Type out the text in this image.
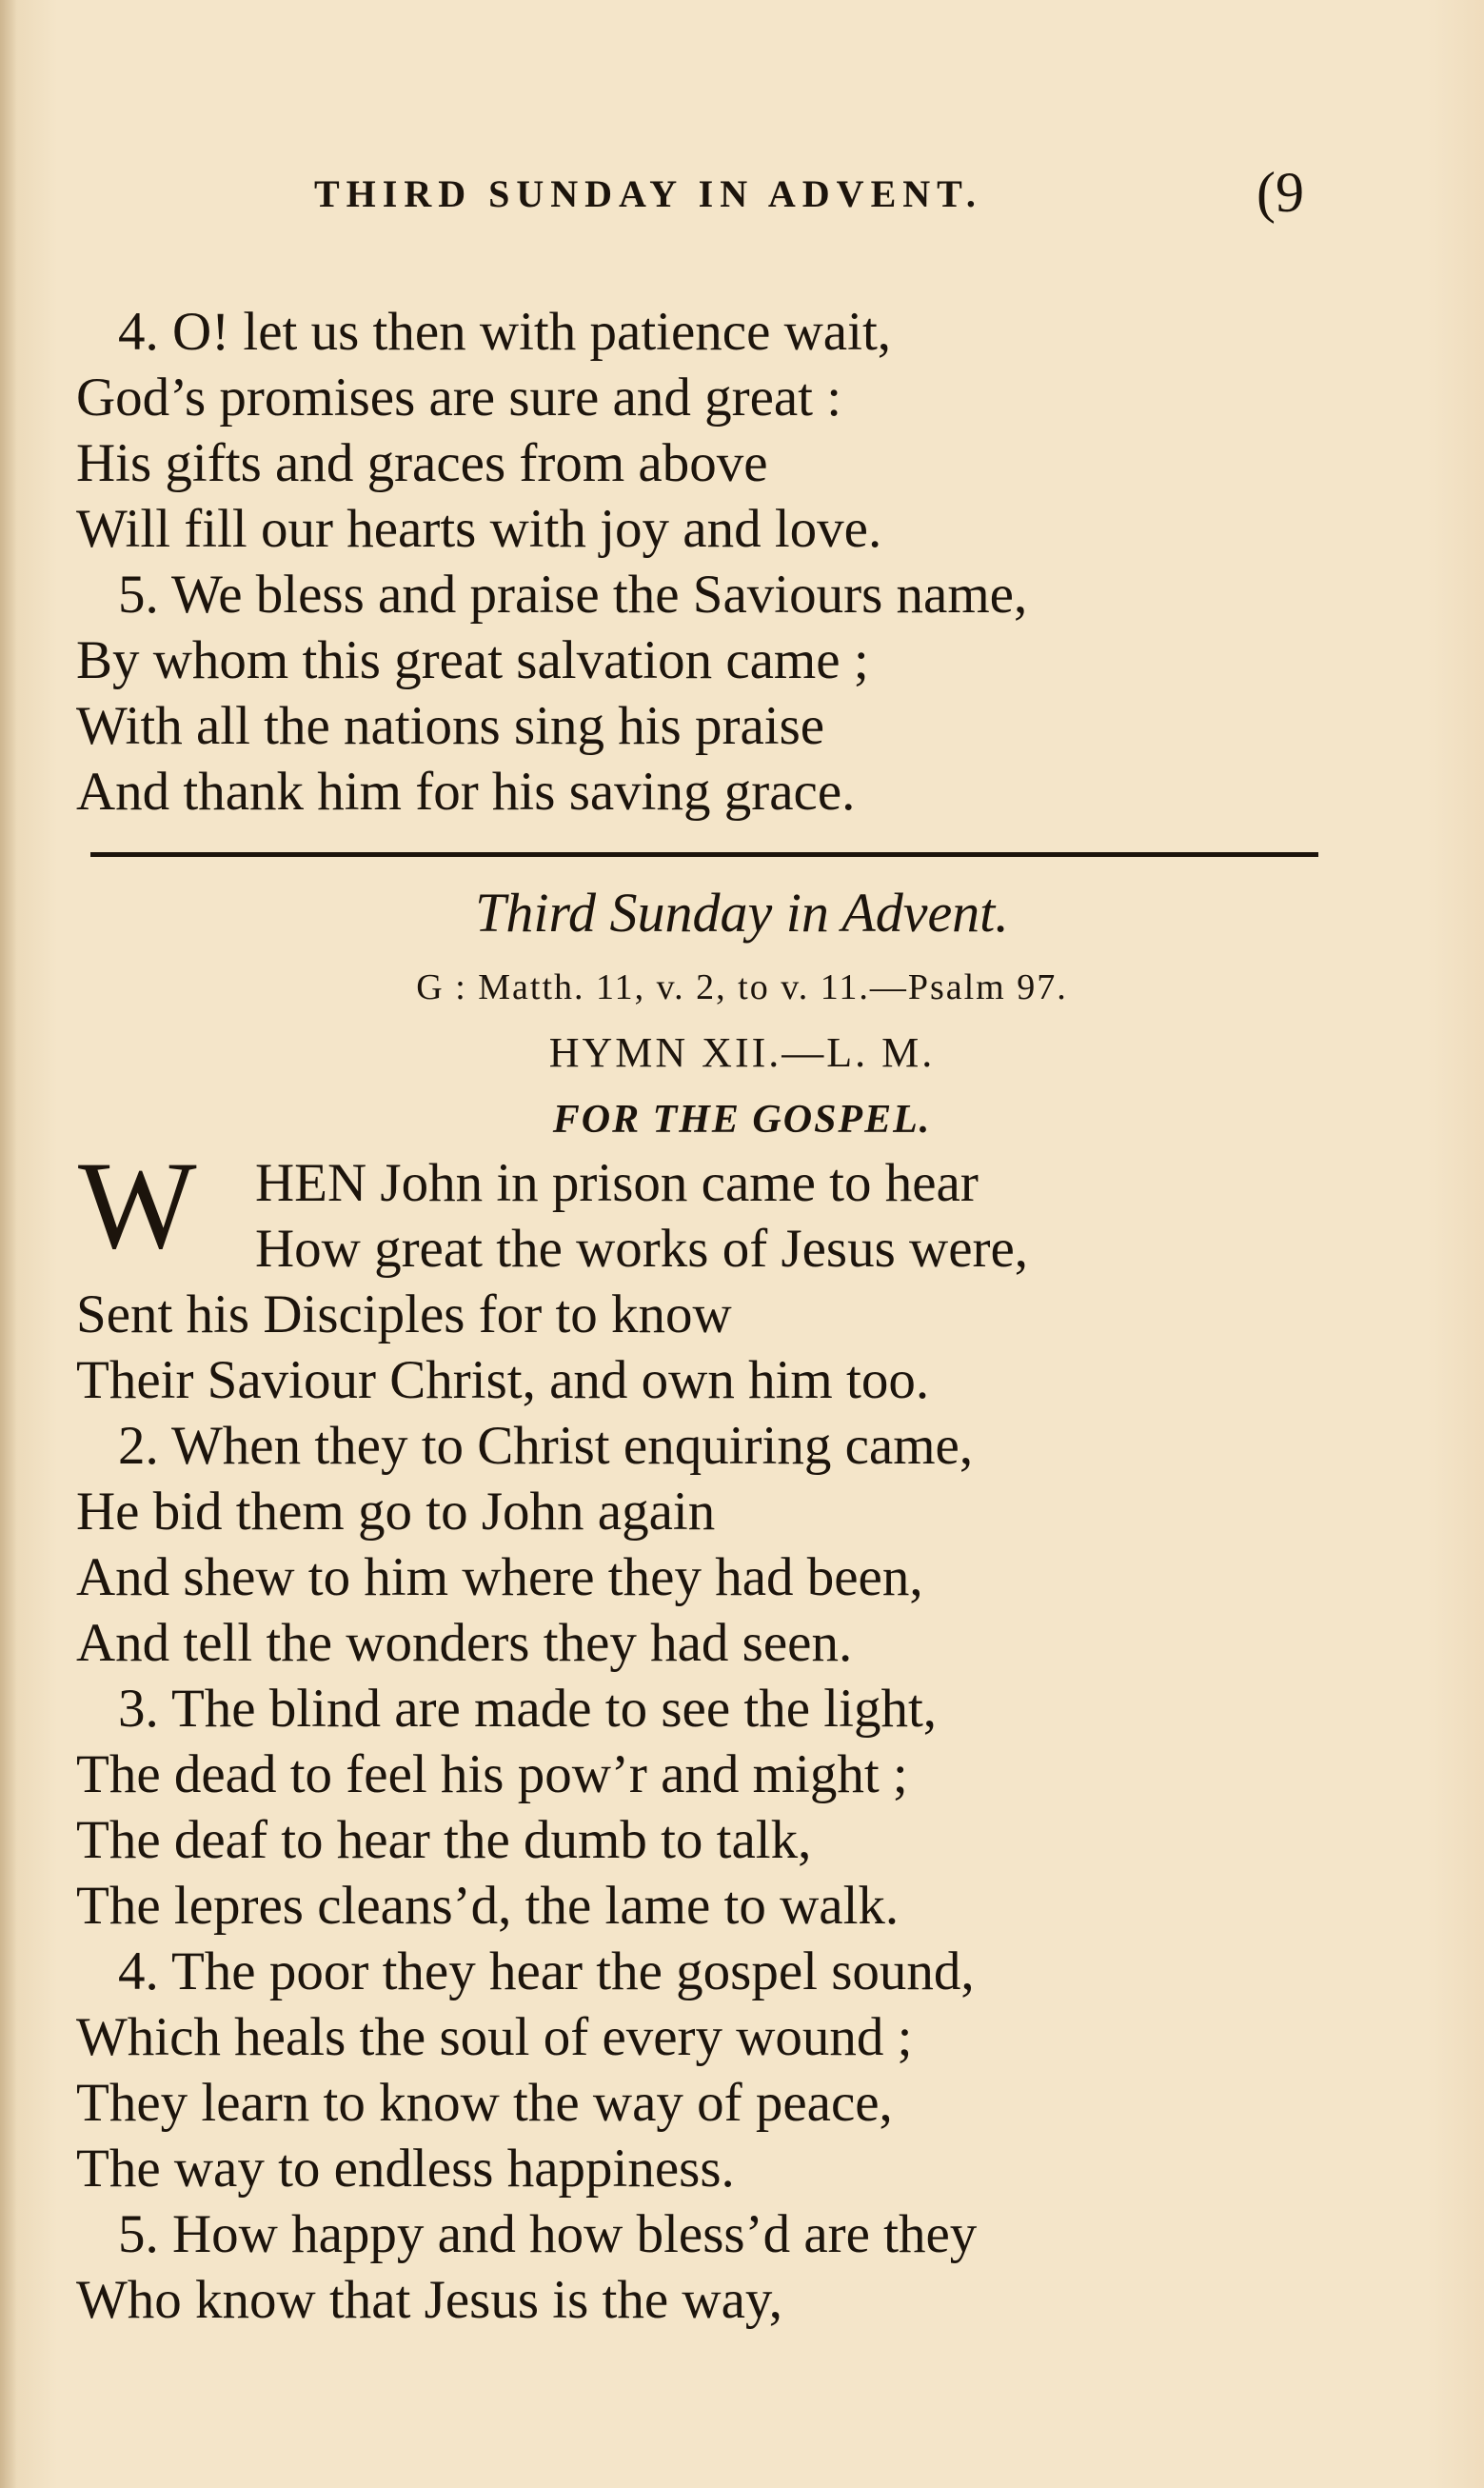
THIRD SUNDAY IN ADVENT.	(9
4. O! let us then with patience wait,
God’s promises are sure and great :
His gifts and graces from above
Will fill our hearts with joy and love.
5. We bless and praise the Saviours name,
By whom this great salvation came ;
With all the nations sing his praise
And thank him for his saving grace.
Third Sunday in Advent.
G : Matth. 11, v. 2, to v. 11.—Psalm 97.
HYMN XII.—L. M.
FOR THE GOSPEL.
W HEN John in prison came to hear
How great the works of Jesus were,
Sent his Disciples for to know
Their Saviour Christ, and own him too.
2. When they to Christ enquiring came,
He bid them go to John again
And shew to him where they had been,
And tell the wonders they had seen.
3. The blind are made to see the light,
The dead to feel his pow’r and might ;
The deaf to hear the dumb to talk,
The lepres cleans’d, the lame to walk.
4. The poor they hear the gospel sound,
Which heals the soul of every wound ;
They learn to know the way of peace,
The way to endless happiness.
5. How happy and how bless’d are they
Who know that Jesus is the way,
